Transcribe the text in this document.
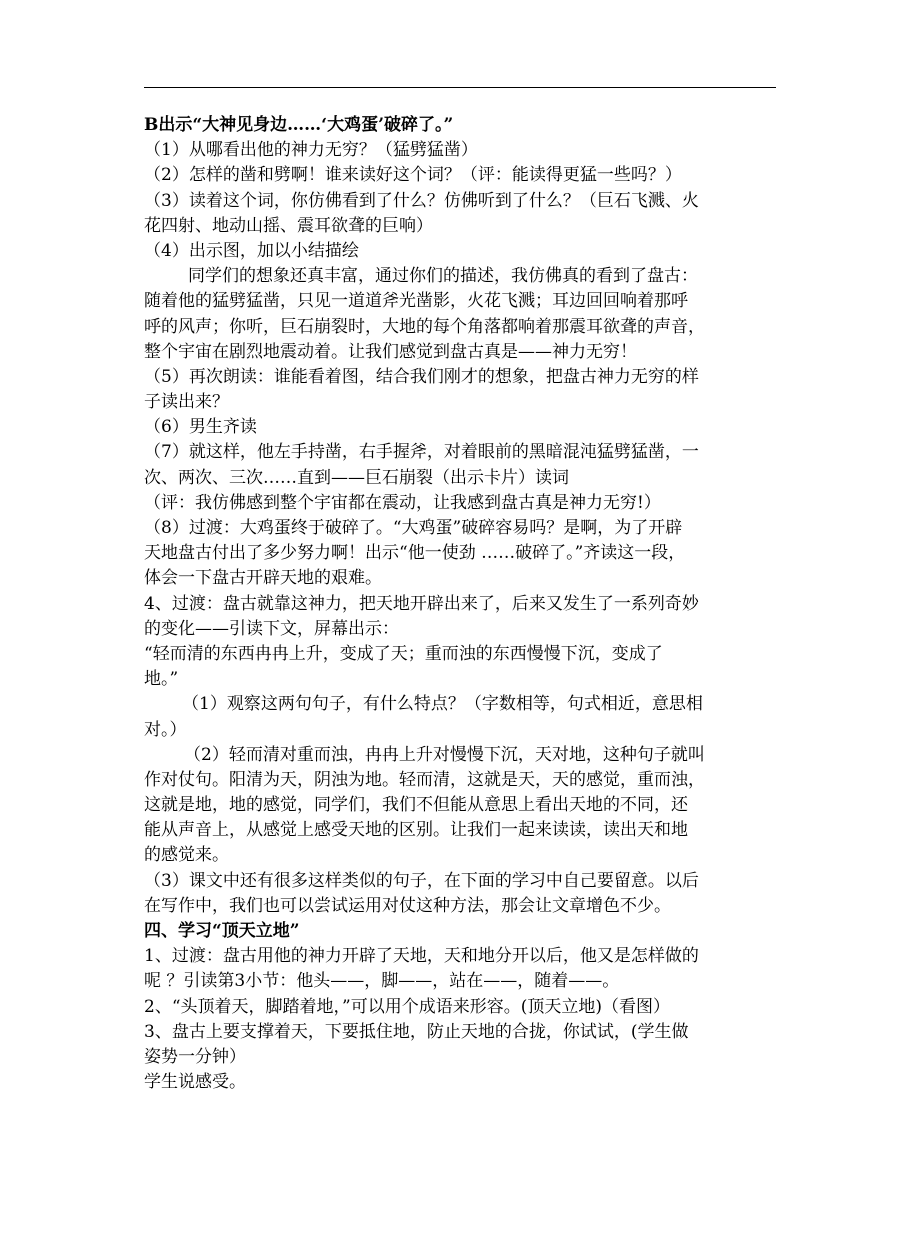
B出示“大神见身边……‘大鸡蛋’破碎了。”
（1）从哪看出他的神力无穷？（猛劈猛凿）
（2）怎样的凿和劈啊！谁来读好这个词？（评：能读得更猛一些吗？）
（3）读着这个词，你仿佛看到了什么？仿佛听到了什么？（巨石飞溅、火
花四射、地动山摇、震耳欲聋的巨响）
（4）出示图，加以小结描绘
同学们的想象还真丰富，通过你们的描述，我仿佛真的看到了盘古：
随着他的猛劈猛凿，只见一道道斧光凿影，火花飞溅；耳边回回响着那呼
呼的风声；你听，巨石崩裂时，大地的每个角落都响着那震耳欲聋的声音，
整个宇宙在剧烈地震动着。让我们感觉到盘古真是——神力无穷！
（5）再次朗读：谁能看着图，结合我们刚才的想象，把盘古神力无穷的样
子读出来？
（6）男生齐读
（7）就这样，他左手持凿，右手握斧，对着眼前的黑暗混沌猛劈猛凿，一
次、两次、三次……直到——巨石崩裂（出示卡片）读词
（评：我仿佛感到整个宇宙都在震动，让我感到盘古真是神力无穷!）
（8）过渡：大鸡蛋终于破碎了。“大鸡蛋”破碎容易吗？是啊，为了开辟
天地盘古付出了多少努力啊！出示“他一使劲 ……破碎了。”齐读这一段，
体会一下盘古开辟天地的艰难。
4、过渡：盘古就靠这神力，把天地开辟出来了，后来又发生了一系列奇妙
的变化——引读下文，屏幕出示：
“轻而清的东西冉冉上升，变成了天；重而浊的东西慢慢下沉，变成了
地。”
（1）观察这两句句子，有什么特点？（字数相等，句式相近，意思相
对。）
（2）轻而清对重而浊，冉冉上升对慢慢下沉，天对地，这种句子就叫
作对仗句。阳清为天，阴浊为地。轻而清，这就是天，天的感觉，重而浊，
这就是地，地的感觉，同学们，我们不但能从意思上看出天地的不同，还
能从声音上，从感觉上感受天地的区别。让我们一起来读读，读出天和地
的感觉来。
（3）课文中还有很多这样类似的句子，在下面的学习中自己要留意。以后
在写作中，我们也可以尝试运用对仗这种方法，那会让文章增色不少。
四、学习“顶天立地”
1、过渡：盘古用他的神力开辟了天地，天和地分开以后，他又是怎样做的
呢 ？引读第3小节：他头——，脚——，站在——，随着——。
2、“头顶着天，脚踏着地，”可以用个成语来形容。(顶天立地)（看图）
3、盘古上要支撑着天，下要抵住地，防止天地的合拢，你试试，(学生做
姿势一分钟）
学生说感受。
